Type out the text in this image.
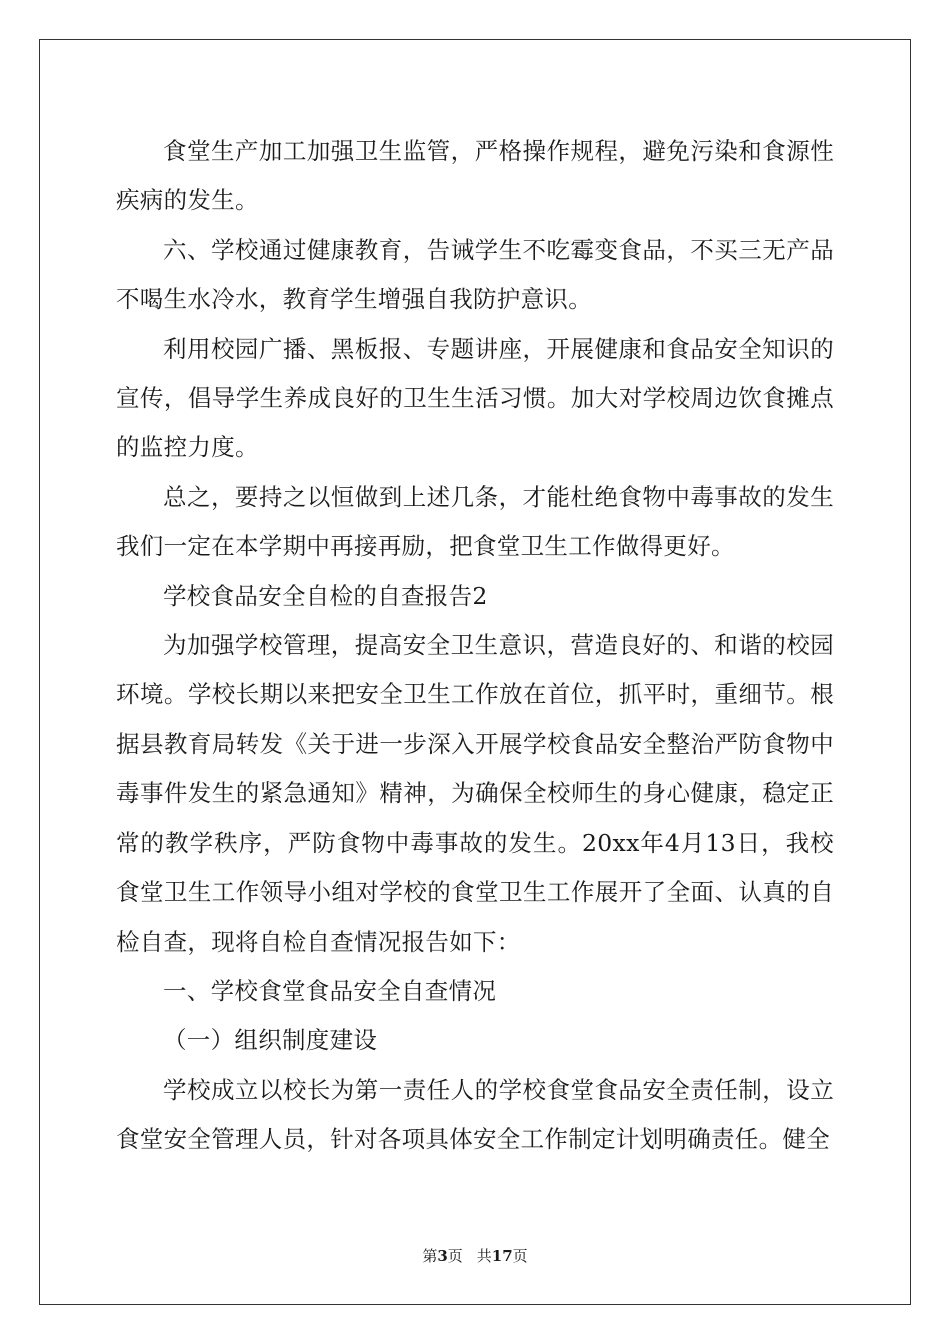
食堂生产加工加强卫生监管，严格操作规程，避免污染和食源性疾病的发生。

六、学校通过健康教育，告诫学生不吃霉变食品，不买三无产品不喝生水冷水，教育学生增强自我防护意识。

利用校园广播、黑板报、专题讲座，开展健康和食品安全知识的宣传，倡导学生养成良好的卫生生活习惯。加大对学校周边饮食摊点的监控力度。

总之，要持之以恒做到上述几条，才能杜绝食物中毒事故的发生我们一定在本学期中再接再励，把食堂卫生工作做得更好。

学校食品安全自检的自查报告2

为加强学校管理，提高安全卫生意识，营造良好的、和谐的校园环境。学校长期以来把安全卫生工作放在首位，抓平时，重细节。根据县教育局转发《关于进一步深入开展学校食品安全整治严防食物中毒事件发生的紧急通知》精神，为确保全校师生的身心健康，稳定正常的教学秩序，严防食物中毒事故的发生。20xx年4月13日，我校食堂卫生工作领导小组对学校的食堂卫生工作展开了全面、认真的自检自查，现将自检自查情况报告如下：

一、学校食堂食品安全自查情况

（一）组织制度建设

学校成立以校长为第一责任人的学校食堂食品安全责任制，设立食堂安全管理人员，针对各项具体安全工作制定计划明确责任。健全

第3页 共17页
